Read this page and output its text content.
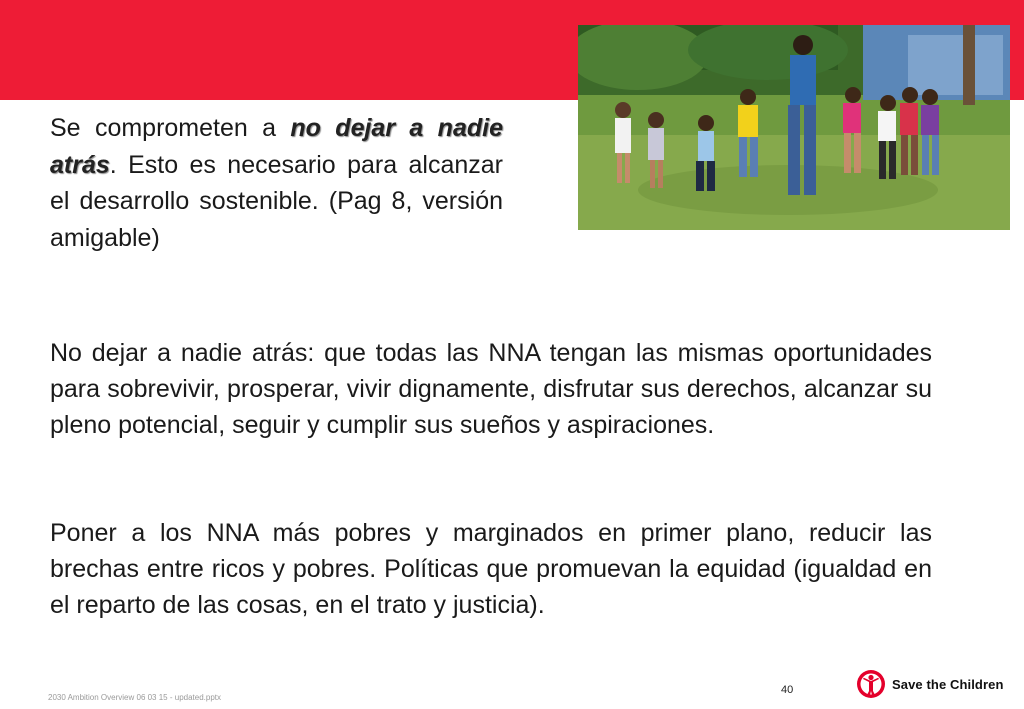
Se comprometen a no dejar a nadie atrás. Esto es necesario para alcanzar el desarrollo sostenible. (Pag 8, versión amigable)
No dejar a nadie atrás: que todas las NNA tengan las mismas oportunidades para sobrevivir, prosperar, vivir dignamente, disfrutar sus derechos, alcanzar su pleno potencial, seguir y cumplir sus sueños y aspiraciones.
Poner a los NNA más pobres y marginados en primer plano, reducir las brechas entre ricos y pobres. Políticas que promuevan la equidad (igualdad en el reparto de las cosas, en el trato y justicia).
2030 Ambition Overview 06 03 15 - updated.pptx
40	Save the Children
